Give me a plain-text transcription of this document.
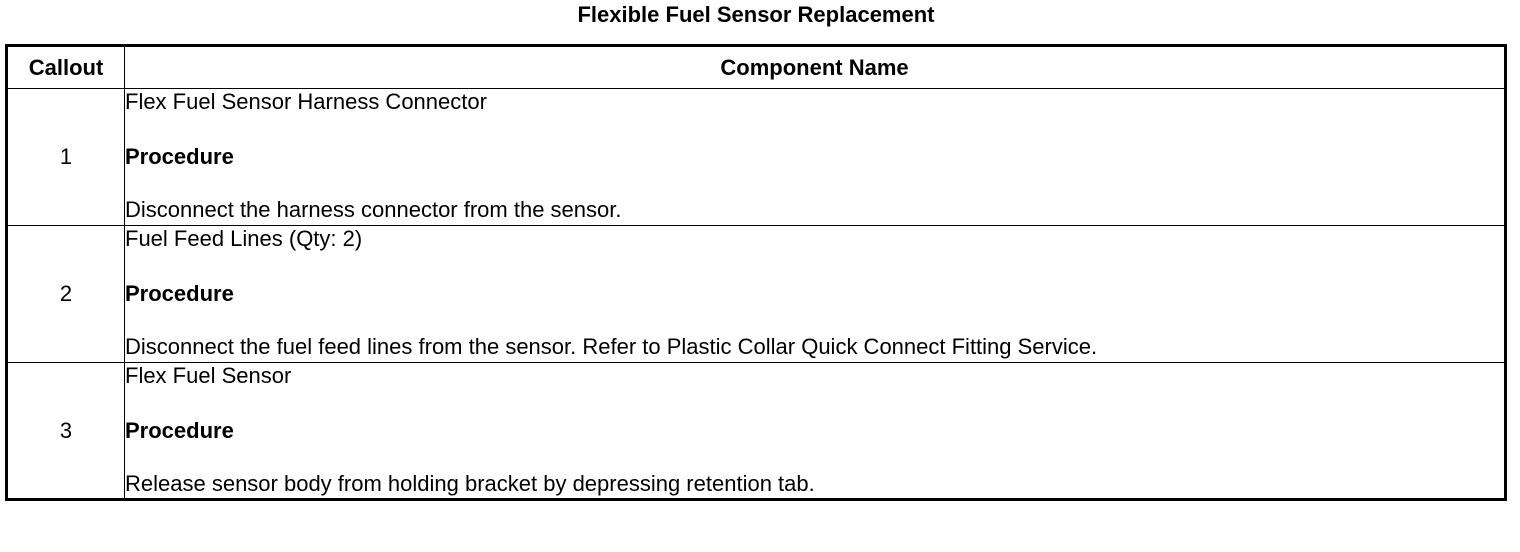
Flexible Fuel Sensor Replacement
Callout	Component Name
1	Flex Fuel Sensor Harness Connector
Procedure
Disconnect the harness connector from the sensor.

2	Fuel Feed Lines (Qty: 2)
Procedure
Disconnect the fuel feed lines from the sensor. Refer to Plastic Collar Quick Connect Fitting Service.

3	Flex Fuel Sensor
Procedure
Release sensor body from holding bracket by depressing retention tab.
